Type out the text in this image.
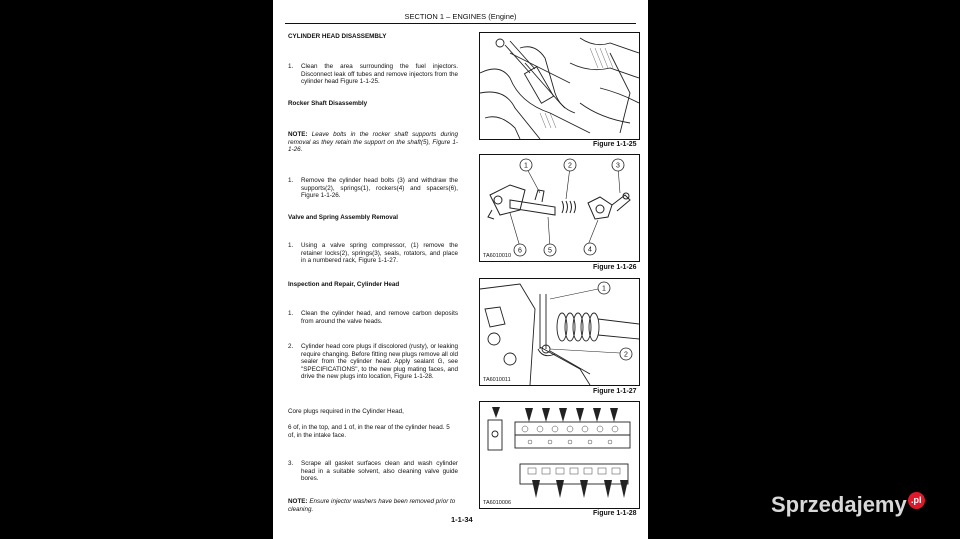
SECTION 1 – ENGINES (Engine)
CYLINDER HEAD DISASSEMBLY
1.	Clean the area surrounding the fuel injectors. Disconnect leak off tubes and remove injectors from the cylinder head Figure 1-1-25.
Rocker Shaft Disassembly
NOTE: Leave bolts in the rocker shaft supports during removal as they retain the support on the shaft(5), Figure 1-1-26.
1.	Remove the cylinder head bolts (3) and withdraw the supports(2), springs(1), rockers(4) and spacers(6), Figure 1-1-26.
Valve and Spring Assembly Removal
1.	Using a valve spring compressor, (1) remove the retainer locks(2), springs(3), seals, rotators, and place in a numbered rack, Figure 1-1-27.
Inspection and Repair, Cylinder Head
1.	Clean the cylinder head, and remove carbon deposits from around the valve heads.
2.	Cylinder head core plugs if discolored (rusty), or leaking require changing. Before fitting new plugs remove all old sealer from the cylinder head. Apply sealant G, see "SPECIFICATIONS", to the new plug mating faces, and drive the new plugs into location, Figure 1-1-28.
Core plugs required in the Cylinder Head,
6 of, in the top, and 1 of, in the rear of the cylinder head. 5 of, in the intake face.
3.	Scrape all gasket surfaces clean and wash cylinder head in a suitable solvent, also cleaning valve guide bores.
NOTE: Ensure injector washers have been removed prior to cleaning.
1-1-34
Figure 1-1-25
1	2	3
4
5
6
TA6010010
Figure 1-1-26
1
2
TA6010011
Figure 1-1-27
TA6010006
Figure 1-1-28	Sprzedajemy .pl
